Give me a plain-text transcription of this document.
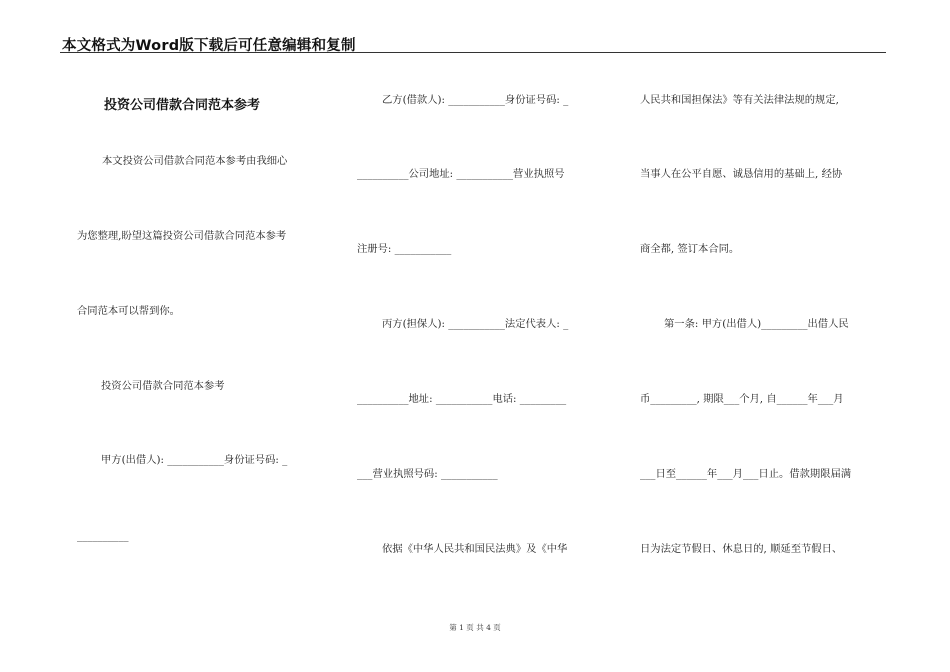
本文格式为Word版下载后可任意编辑和复制
投资公司借款合同范本参考
本文投资公司借款合同范本参考由我细心
为您整理,盼望这篇投资公司借款合同范本参考
合同范本可以帮到你。
投资公司借款合同范本参考
甲方(出借人): ___________身份证号码: _
__________
乙方(借款人): ___________身份证号码: _
__________公司地址: ___________营业执照号
注册号: ___________
丙方(担保人): ___________法定代表人: _
__________地址: ___________电话: _________
___营业执照号码: ___________
依据《中华人民共和国民法典》及《中华
人民共和国担保法》等有关法律法规的规定,
当事人在公平自愿、诚恳信用的基础上, 经协
商全都, 签订本合同。
第一条: 甲方(出借人)_________出借人民
币_________, 期限___个月, 自______年___月
___日至______年___月___日止。借款期限届满
日为法定节假日、休息日的, 顺延至节假日、
第 1 页 共 4 页
